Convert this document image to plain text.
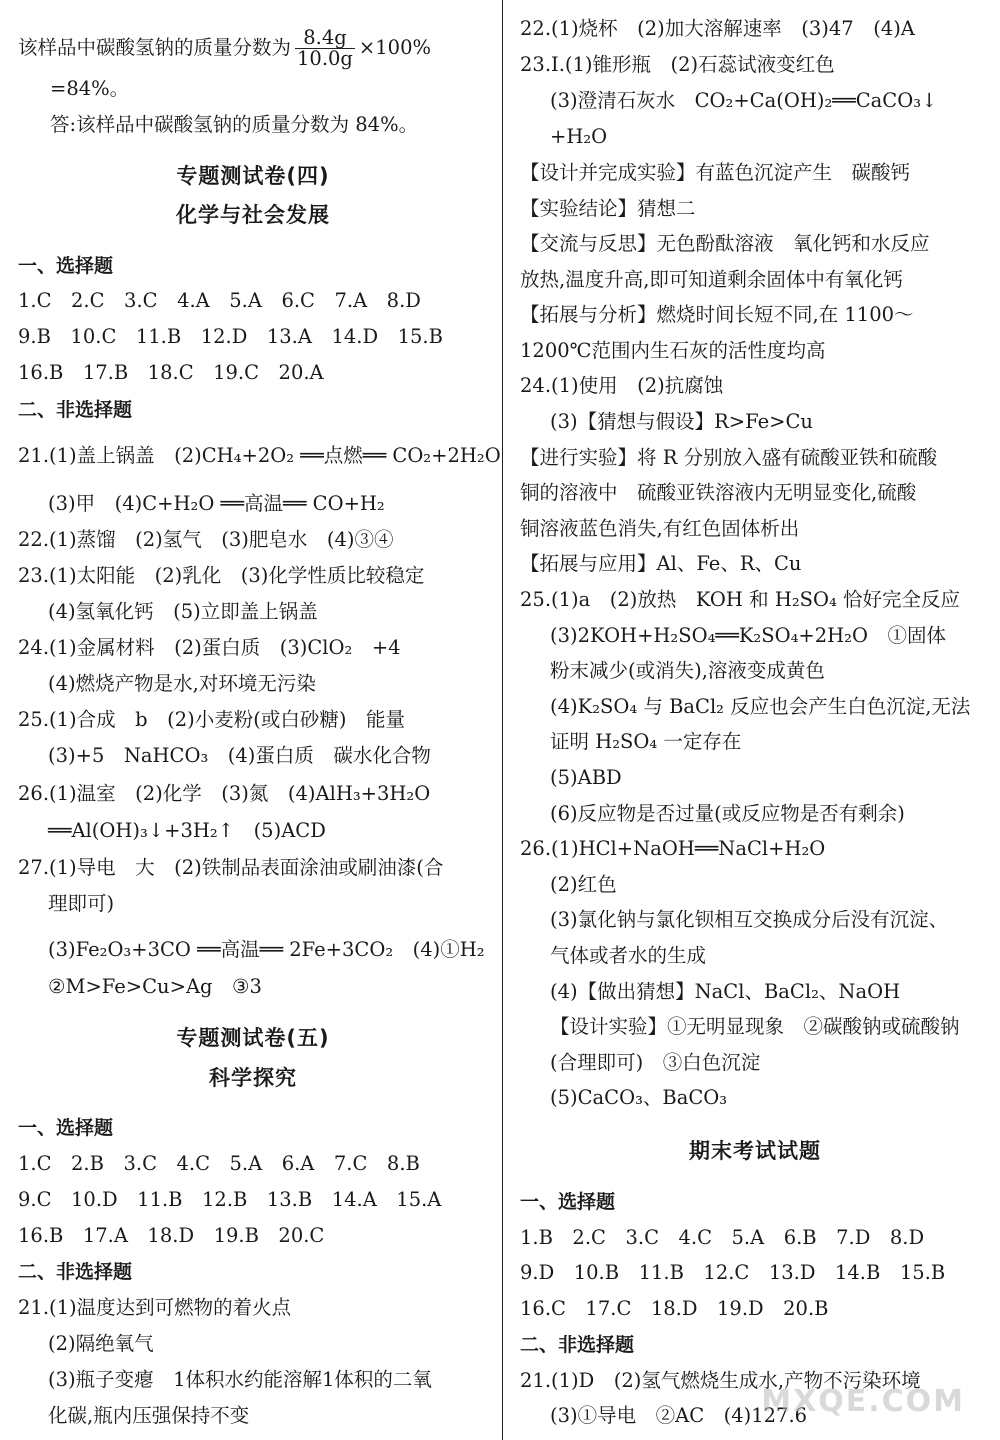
该样品中碳酸氢钠的质量分数为 $\frac{8.4g}{10.0g} \times 100\%$
=84%。
答:该样品中碳酸氢钠的质量分数为 84%。
专题测试卷(四)
化学与社会发展
一、选择题
1.C　2.C　3.C　4.A　5.A　6.C　7.A　8.D
9.B　10.C　11.B　12.D　13.A　14.D　15.B
16.B　17.B　18.C　19.C　20.A
二、非选择题
21.(1)盖上锅盖　(2)CH₄+2O₂ ══点燃══ CO₂+2H₂O
(3)甲　(4)C+H₂O ══高温══ CO+H₂
22.(1)蒸馏　(2)氢气　(3)肥皂水　(4)③④
23.(1)太阳能　(2)乳化　(3)化学性质比较稳定
(4)氢氧化钙　(5)立即盖上锅盖
24.(1)金属材料　(2)蛋白质　(3)ClO₂　+4
(4)燃烧产物是水,对环境无污染
25.(1)合成　b　(2)小麦粉(或白砂糖)　能量
(3)+5　NaHCO₃　(4)蛋白质　碳水化合物
26.(1)温室　(2)化学　(3)氮　(4)AlH₃+3H₂O
══Al(OH)₃↓+3H₂↑　(5)ACD
27.(1)导电　大　(2)铁制品表面涂油或刷油漆(合
理即可)
(3)Fe₂O₃+3CO ══高温══ 2Fe+3CO₂　(4)①H₂
②M>Fe>Cu>Ag　③3
专题测试卷(五)
科学探究
一、选择题
1.C　2.B　3.C　4.C　5.A　6.A　7.C　8.B
9.C　10.D　11.B　12.B　13.B　14.A　15.A
16.B　17.A　18.D　19.B　20.C
二、非选择题
21.(1)温度达到可燃物的着火点
(2)隔绝氧气
(3)瓶子变瘪　1体积水约能溶解1体积的二氧
化碳,瓶内压强保持不变
22.(1)烧杯　(2)加大溶解速率　(3)47　(4)A
23.Ⅰ.(1)锥形瓶　(2)石蕊试液变红色
(3)澄清石灰水　CO₂+Ca(OH)₂══CaCO₃↓
+H₂O
【设计并完成实验】有蓝色沉淀产生　碳酸钙
【实验结论】猜想二
【交流与反思】无色酚酞溶液　氧化钙和水反应
放热,温度升高,即可知道剩余固体中有氧化钙
【拓展与分析】燃烧时间长短不同,在 1100～
1200℃范围内生石灰的活性度均高
24.(1)使用　(2)抗腐蚀
(3)【猜想与假设】R>Fe>Cu
【进行实验】将 R 分别放入盛有硫酸亚铁和硫酸
铜的溶液中　硫酸亚铁溶液内无明显变化,硫酸
铜溶液蓝色消失,有红色固体析出
【拓展与应用】Al、Fe、R、Cu
25.(1)a　(2)放热　KOH 和 H₂SO₄ 恰好完全反应
(3)2KOH+H₂SO₄══K₂SO₄+2H₂O　①固体
粉末减少(或消失),溶液变成黄色
(4)K₂SO₄ 与 BaCl₂ 反应也会产生白色沉淀,无法
证明 H₂SO₄ 一定存在
(5)ABD
(6)反应物是否过量(或反应物是否有剩余)
26.(1)HCl+NaOH══NaCl+H₂O
(2)红色
(3)氯化钠与氯化钡相互交换成分后没有沉淀、
气体或者水的生成
(4)【做出猜想】NaCl、BaCl₂、NaOH
【设计实验】①无明显现象　②碳酸钠或硫酸钠
(合理即可)　③白色沉淀
(5)CaCO₃、BaCO₃
期末考试试题
一、选择题
1.B　2.C　3.C　4.C　5.A　6.B　7.D　8.D
9.D　10.B　11.B　12.C　13.D　14.B　15.B
16.C　17.C　18.D　19.D　20.B
二、非选择题
21.(1)D　(2)氢气燃烧生成水,产物不污染环境
(3)①导电　②AC　(4)127.6
MXQE.COM
